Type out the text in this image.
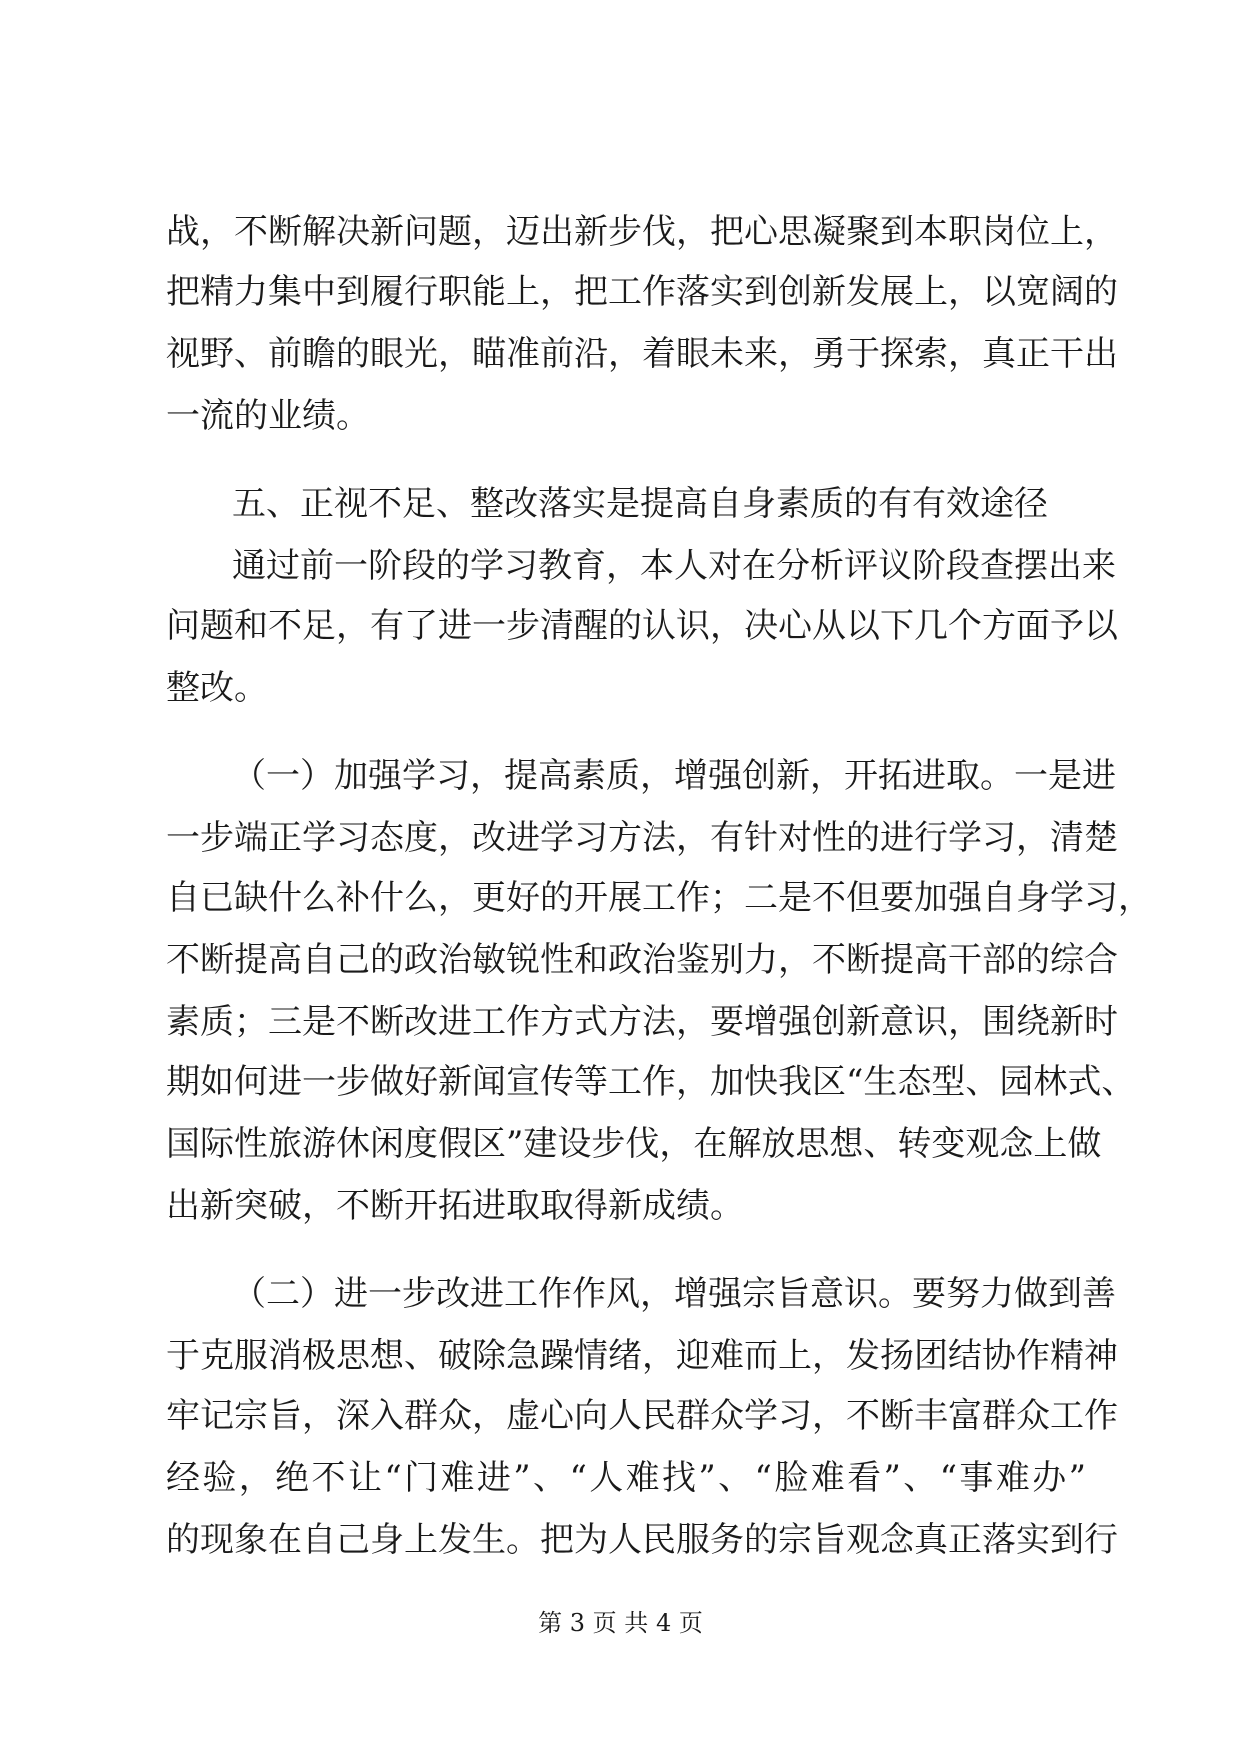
战，不断解决新问题，迈出新步伐，把心思凝聚到本职岗位上，
把精力集中到履行职能上，把工作落实到创新发展上，以宽阔的
视野、前瞻的眼光，瞄准前沿，着眼未来，勇于探索，真正干出
一流的业绩。
五、正视不足、整改落实是提高自身素质的有有效途径
通过前一阶段的学习教育，本人对在分析评议阶段查摆出来
问题和不足，有了进一步清醒的认识，决心从以下几个方面予以
整改。
（一）加强学习，提高素质，增强创新，开拓进取。一是进
一步端正学习态度，改进学习方法，有针对性的进行学习，清楚
自已缺什么补什么，更好的开展工作；二是不但要加强自身学习，
不断提高自己的政治敏锐性和政治鉴别力，不断提高干部的综合
素质；三是不断改进工作方式方法，要增强创新意识，围绕新时
期如何进一步做好新闻宣传等工作，加快我区“生态型、园林式、
国际性旅游休闲度假区”建设步伐，在解放思想、转变观念上做
出新突破，不断开拓进取取得新成绩。
（二）进一步改进工作作风，增强宗旨意识。要努力做到善
于克服消极思想、破除急躁情绪，迎难而上，发扬团结协作精神
牢记宗旨，深入群众，虚心向人民群众学习，不断丰富群众工作
经验，绝不让“门难进”、“人难找”、“脸难看”、“事难办”
的现象在自己身上发生。把为人民服务的宗旨观念真正落实到行
第 3 页 共 4 页
